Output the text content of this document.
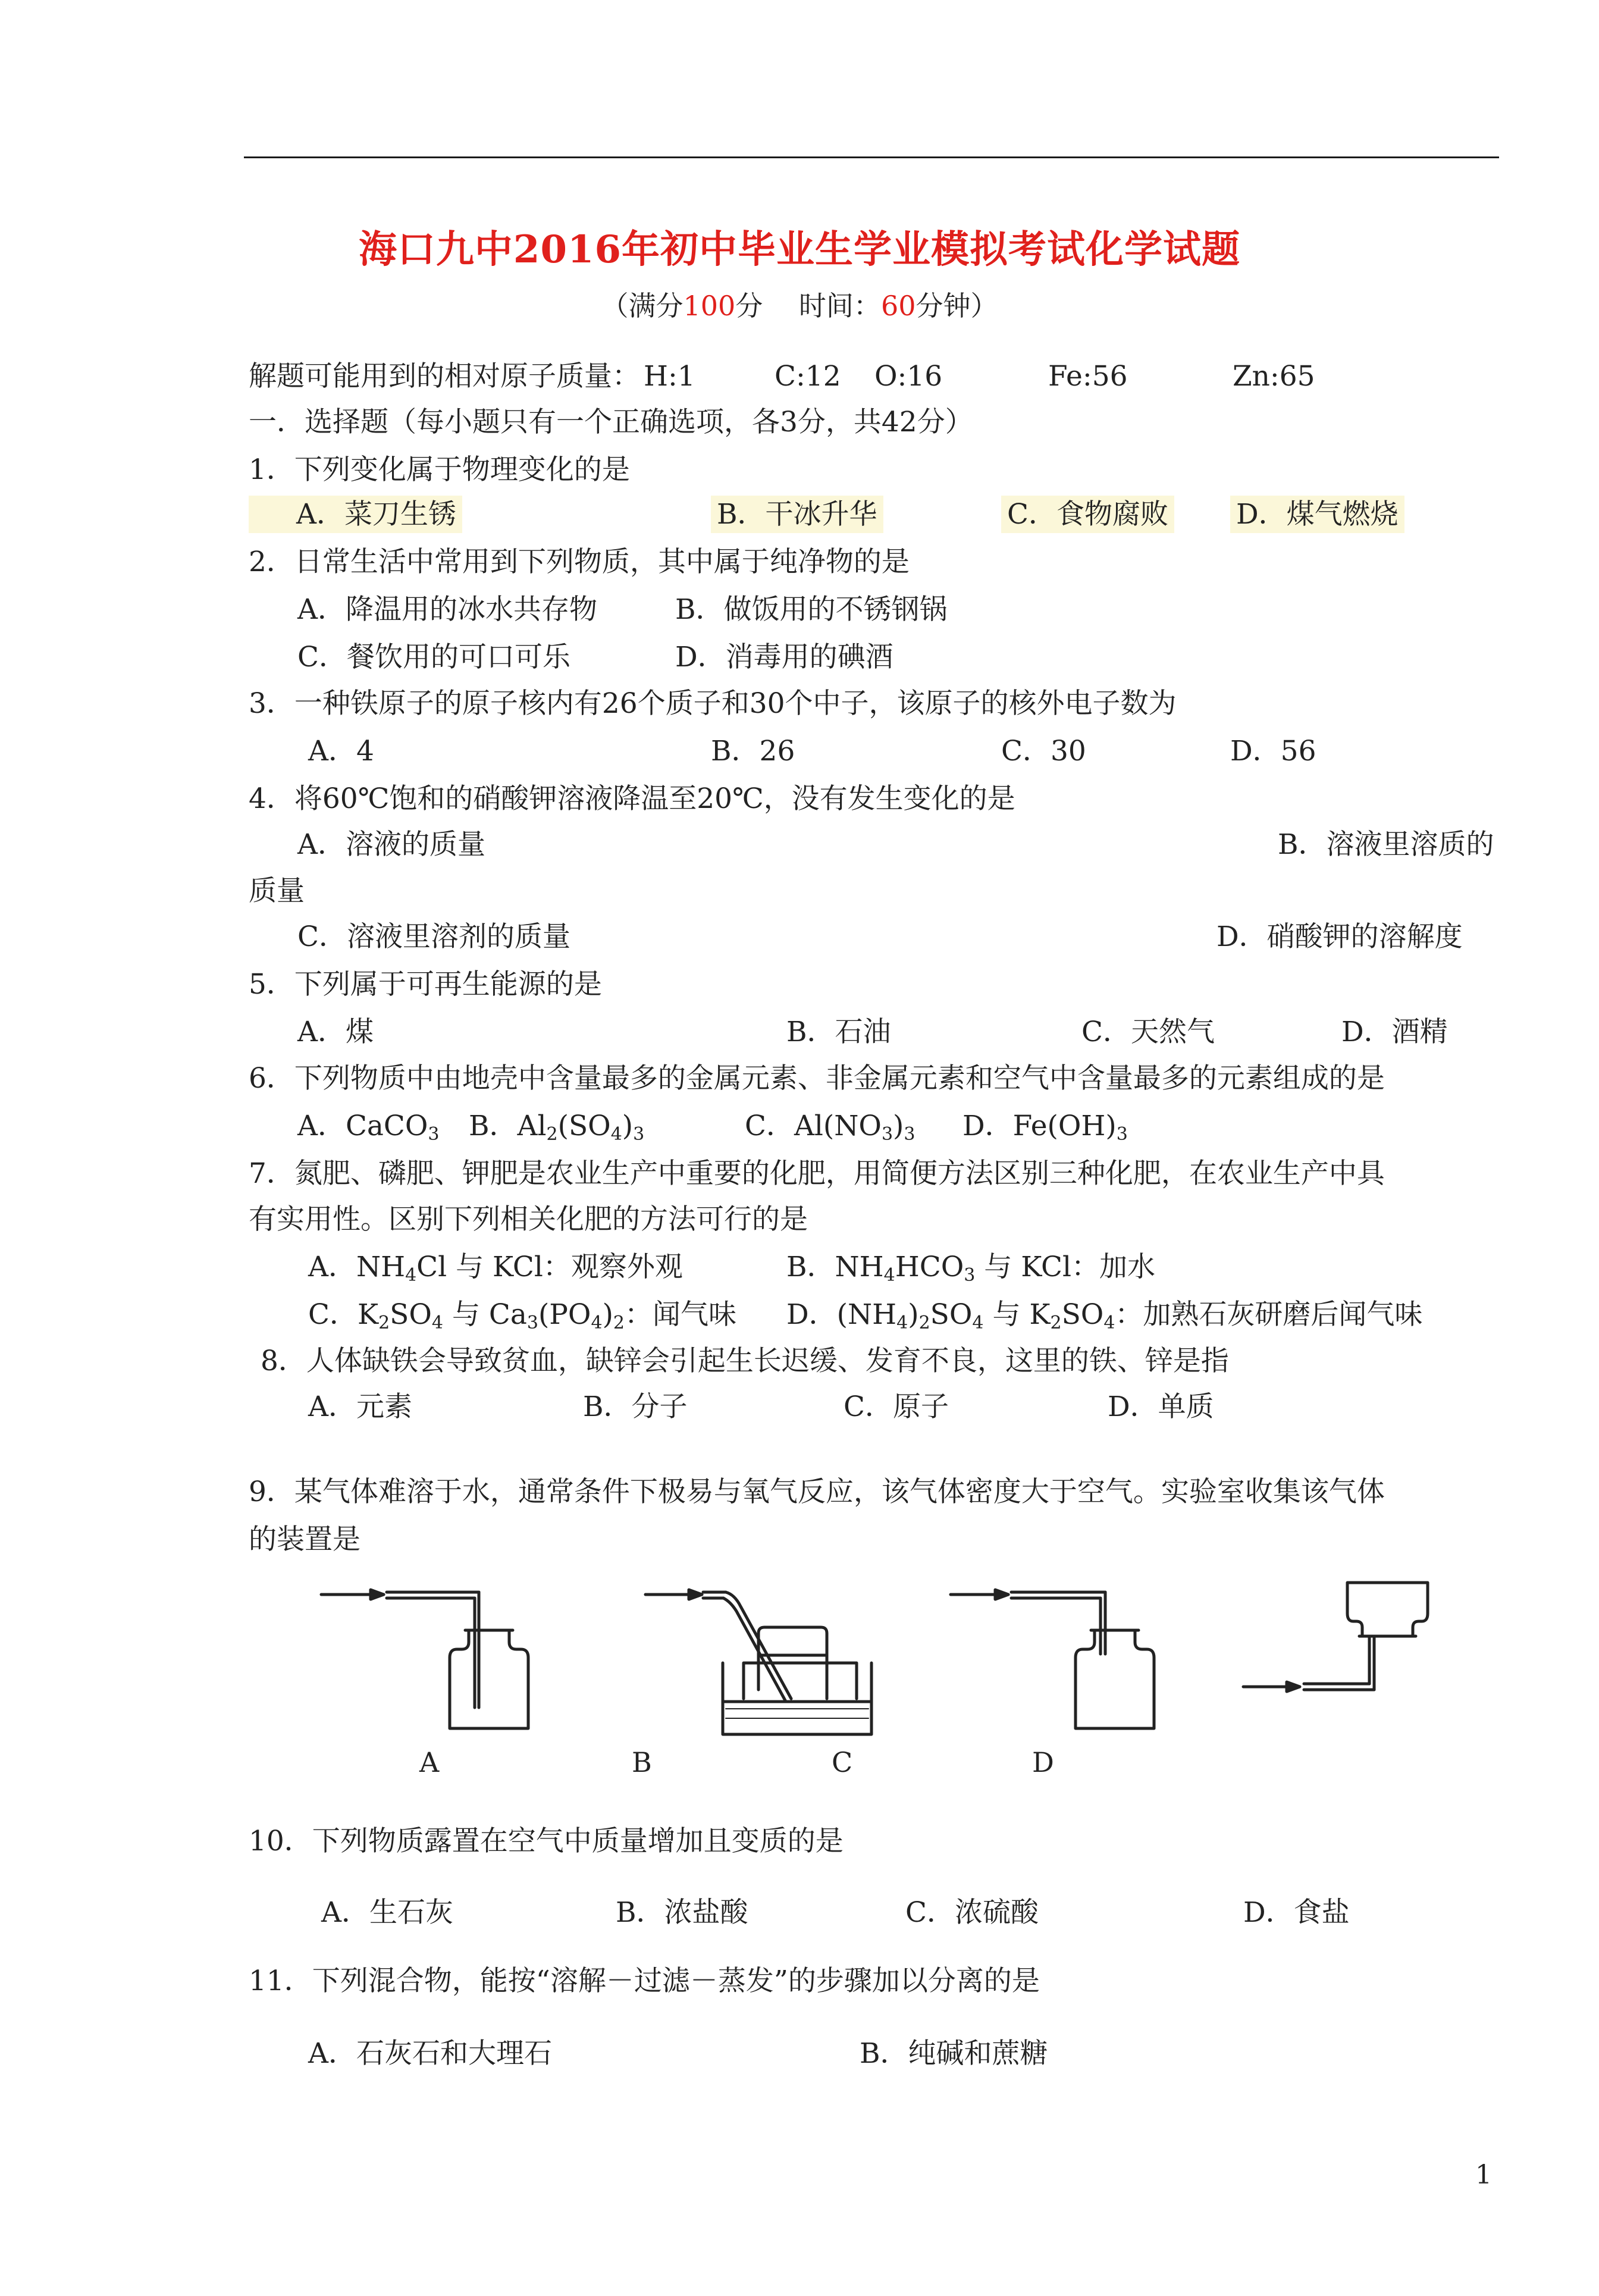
海口九中2016年初中毕业生学业模拟考试化学试题
（满分100分　 时间：60分钟）
解题可能用到的相对原子质量： H:1	C:12 O:16	Fe:56	Zn:65
一．选择题（每小题只有一个正确选项，各3分，共42分）
1．下列变化属于物理变化的是
A．菜刀生锈	B．干冰升华	C．食物腐败 D．煤气燃烧
2．日常生活中常用到下列物质，其中属于纯净物的是
A．降温用的冰水共存物	B．做饭用的不锈钢锅
C．餐饮用的可口可乐	D．消毒用的碘酒
3．一种铁原子的原子核内有26个质子和30个中子，该原子的核外电子数为
A．4	B．26	C．30	D．56
4．将60℃饱和的硝酸钾溶液降温至20℃，没有发生变化的是
A．溶液的质量	B．溶液里溶质的
质量
C．溶液里溶剂的质量	D．硝酸钾的溶解度
5．下列属于可再生能源的是
A．煤	B．石油	C．天然气	D．酒精
6．下列物质中由地壳中含量最多的金属元素、非金属元素和空气中含量最多的元素组成的是
A．CaCO$_3$ B．$Al_2(SO_4)_3$	C．$Al(NO_3)_3$ D．$Fe(OH)_3$
7．氮肥、磷肥、钾肥是农业生产中重要的化肥，用简便方法区别三种化肥，在农业生产中具
有实用性。区别下列相关化肥的方法可行的是
A．$NH_4Cl$ 与 KCl：观察外观	B．$NH_4HCO_3$ 与 KCl：加水
C．$K_2SO_4$ 与 $Ca_3(PO_4)_2$：闻气味 D．$(NH_4)_2SO_4$ 与 $K_2SO_4$：加熟石灰研磨后闻气味
8．人体缺铁会导致贫血，缺锌会引起生长迟缓、发育不良，这里的铁、锌是指
A．元素	B．分子	C．原子	D．单质
9．某气体难溶于水，通常条件下极易与氧气反应，该气体密度大于空气。实验室收集该气体
的装置是
A	B	C	D
10．下列物质露置在空气中质量增加且变质的是
A．生石灰	B．浓盐酸	C．浓硫酸	D．食盐
11．下列混合物，能按“溶解－过滤－蒸发”的步骤加以分离的是
A．石灰石和大理石	B．纯碱和蔗糖
1
